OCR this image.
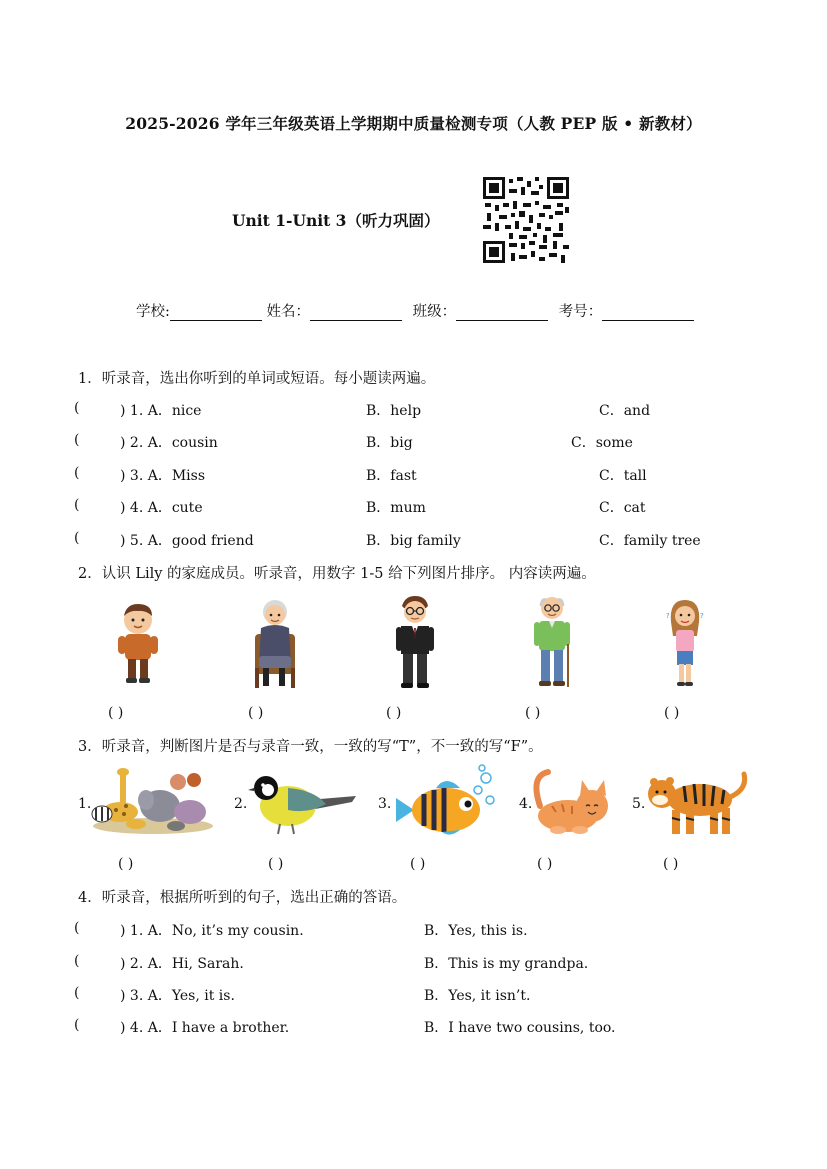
2025-2026 学年三年级英语上学期期中质量检测专项（人教 PEP 版 • 新教材）
Unit 1-Unit 3（听力巩固）
学校:	姓名：	班级：	考号：
1．听录音，选出你听到的单词或短语。每小题读两遍。
(	) 1. A．nice	B．help	C．and
(	) 2. A．cousin	B．big	C．some
(	) 3. A．Miss	B．fast	C．tall
(	) 4. A．cute	B．mum	C．cat
(	) 5. A．good friend	B．big family	C．family tree
2．认识 Lily 的家庭成员。听录音，用数字 1-5 给下列图片排序。 内容读两遍。
?	?
( )	( )	( )	( )	( )
3．听录音，判断图片是否与录音一致，一致的写“T”，不一致的写“F”。
1.	2.	3.	4.	5.
( )	( )	( )	( )	( )
4．听录音，根据所听到的句子，选出正确的答语。
(	) 1. A．No, it’s my cousin.	B．Yes, this is.
(	) 2. A．Hi, Sarah.	B．This is my grandpa.
(	) 3. A．Yes, it is.	B．Yes, it isn’t.
(	) 4. A．I have a brother.	B．I have two cousins, too.
